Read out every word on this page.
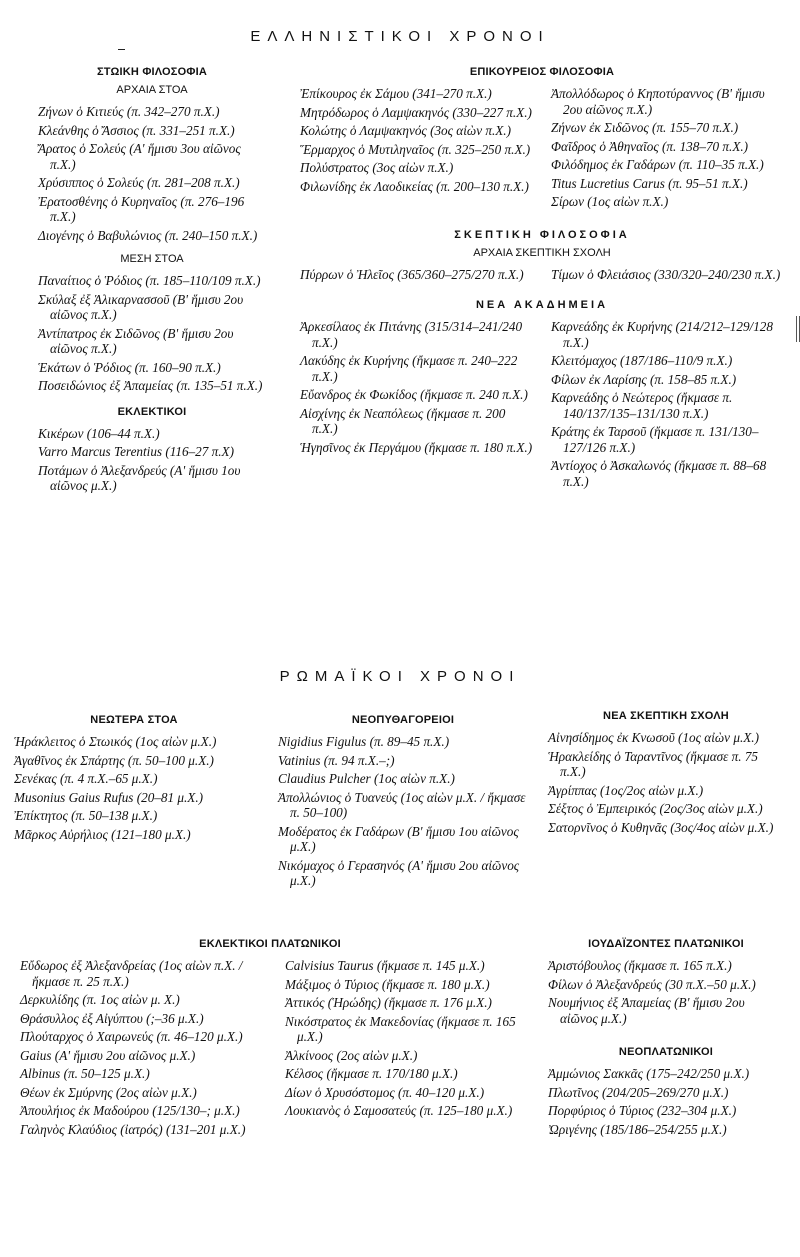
ΕΛΛΗΝΙΣΤΙΚΟΙ ΧΡΟΝΟΙ
ΣΤΩΙΚΗ ΦΙΛΟΣΟΦΙΑ
ΑΡΧΑΙΑ ΣΤΟΑ
Ζήνων ὁ Κιτιεύς (π. 342–270 π.Χ.)
Κλεάνθης ὁ Ἄσσιος (π. 331–251 π.Χ.)
Ἄρατος ὁ Σολεύς (Α' ἥμισυ 3ου αἰῶνος π.Χ.)
Χρύσιππος ὁ Σολεύς (π. 281–208 π.Χ.)
Ἐρατοσθένης ὁ Κυρηναῖος (π. 276–196 π.Χ.)
Διογένης ὁ Βαβυλώνιος (π. 240–150 π.Χ.)
ΜΕΣΗ ΣΤΟΑ
Παναίτιος ὁ Ῥόδιος (π. 185–110/109 π.Χ.)
Σκύλαξ ἐξ Ἁλικαρνασσοῦ (Β' ἥμισυ 2ου αἰῶνος π.Χ.)
Ἀντίπατρος ἐκ Σιδῶνος (Β' ἥμισυ 2ου αἰῶνος π.Χ.)
Ἑκάτων ὁ Ῥόδιος (π. 160–90 π.Χ.)
Ποσειδώνιος ἐξ Ἀπαμείας (π. 135–51 π.Χ.)
ΕΚΛΕΚΤΙΚΟΙ
Κικέρων (106–44 π.Χ.)
Varro Marcus Terentius (116–27 π.Χ)
Ποτάμων ὁ Ἀλεξανδρεύς (Α' ἥμισυ 1ου αἰῶνος μ.Χ.)
ΕΠΙΚΟΥΡΕΙΟΣ ΦΙΛΟΣΟΦΙΑ
Ἐπίκουρος ἐκ Σάμου (341–270 π.Χ.)
Μητρόδωρος ὁ Λαμψακηνός (330–227 π.Χ.)
Κολώτης ὁ Λαμψακηνός (3ος αἰὼν π.Χ.)
Ἕρμαρχος ὁ Μυτιληναῖος (π. 325–250 π.Χ.)
Πολύστρατος (3ος αἰὼν π.Χ.)
Φιλωνίδης ἐκ Λαοδικείας (π. 200–130 π.Χ.)
Ἀπολλόδωρος ὁ Κηποτύραννος (Β' ἥμισυ 2ου αἰῶνος π.Χ.)
Ζήνων ἐκ Σιδῶνος (π. 155–70 π.Χ.)
Φαῖδρος ὁ Ἀθηναῖος (π. 138–70 π.Χ.)
Φιλόδημος ἐκ Γαδάρων (π. 110–35 π.Χ.)
Titus Lucretius Carus (π. 95–51 π.Χ.)
Σίρων (1ος αἰὼν π.Χ.)
ΣΚΕΠΤΙΚΗ ΦΙΛΟΣΟΦΙΑ
ΑΡΧΑΙΑ ΣΚΕΠΤΙΚΗ ΣΧΟΛΗ
Πύρρων ὁ Ἠλεῖος (365/360–275/270 π.Χ.)	Τίμων ὁ Φλειάσιος (330/320–240/230 π.Χ.)
ΝΕΑ ΑΚΑΔΗΜΕΙΑ
Ἀρκεσίλαος ἐκ Πιτάνης (315/314–241/240 π.Χ.)
Λακύδης ἐκ Κυρήνης (ἤκμασε π. 240–222 π.Χ.)
Εὔανδρος ἐκ Φωκίδος (ἤκμασε π. 240 π.Χ.)
Αἰσχίνης ἐκ Νεαπόλεως (ἤκμασε π. 200 π.Χ.)
Ἡγησῖνος ἐκ Περγάμου (ἤκμασε π. 180 π.Χ.)
Καρνεάδης ἐκ Κυρήνης (214/212–129/128 π.Χ.)
Κλειτόμαχος (187/186–110/9 π.Χ.)
Φίλων ἐκ Λαρίσης (π. 158–85 π.Χ.)
Καρνεάδης ὁ Νεώτερος (ἤκμασε π. 140/137/135–131/130 π.Χ.)
Κράτης ἐκ Ταρσοῦ (ἤκμασε π. 131/130–127/126 π.Χ.)
Ἀντίοχος ὁ Ἀσκαλωνός (ἤκμασε π. 88–68 π.Χ.)
ΡΩΜΑΪΚΟΙ ΧΡΟΝΟΙ
ΝΕΩΤΕΡΑ ΣΤΟΑ
Ἡράκλειτος ὁ Στωικός (1ος αἰὼν μ.Χ.)
Ἀγαθῖνος ἐκ Σπάρτης (π. 50–100 μ.Χ.)
Σενέκας (π. 4 π.Χ.–65 μ.Χ.)
Musonius Gaius Rufus (20–81 μ.Χ.)
Ἐπίκτητος (π. 50–138 μ.Χ.)
Μᾶρκος Αὐρήλιος (121–180 μ.Χ.)
ΝΕΟΠΥΘΑΓΟΡΕΙΟΙ
Nigidius Figulus (π. 89–45 π.Χ.)
Vatinius (π. 94 π.Χ.–;)
Claudius Pulcher (1ος αἰὼν π.Χ.)
Ἀπολλώνιος ὁ Τυανεύς (1ος αἰὼν μ.Χ. / ἤκμασε π. 50–100)
Μοδέρατος ἐκ Γαδάρων (Β' ἥμισυ 1ου αἰῶνος μ.Χ.)
Νικόμαχος ὁ Γερασηνός (Α' ἥμισυ 2ου αἰῶνος μ.Χ.)
ΝΕΑ ΣΚΕΠΤΙΚΗ ΣΧΟΛΗ
Αἰνησίδημος ἐκ Κνωσοῦ (1ος αἰὼν μ.Χ.)
Ἡρακλείδης ὁ Ταραντῖνος (ἤκμασε π. 75 π.Χ.)
Ἀγρίππας (1ος/2ος αἰὼν μ.Χ.)
Σέξτος ὁ Ἐμπειρικός (2ος/3ος αἰὼν μ.Χ.)
Σατορνῖνος ὁ Κυθηνᾶς (3ος/4ος αἰὼν μ.Χ.)
ΕΚΛΕΚΤΙΚΟΙ ΠΛΑΤΩΝΙΚΟΙ
Εὔδωρος ἐξ Ἀλεξανδρείας (1ος αἰὼν π.Χ. / ἤκμασε π. 25 π.Χ.)
Δερκυλίδης (π. 1ος αἰὼν μ. Χ.)
Θράσυλλος ἐξ Αἰγύπτου (;–36 μ.Χ.)
Πλούταρχος ὁ Χαιρωνεύς (π. 46–120 μ.Χ.)
Gaius (Α' ἥμισυ 2ου αἰῶνος μ.Χ.)
Albinus (π. 50–125 μ.Χ.)
Θέων ἐκ Σμύρνης (2ος αἰὼν μ.Χ.)
Ἀπουλήιος ἐκ Μαδούρου (125/130–; μ.Χ.)
Γαληνὸς Κλαύδιος (ἰατρός) (131–201 μ.Χ.)
Calvisius Taurus (ἤκμασε π. 145 μ.Χ.)
Μάξιμος ὁ Τύριος (ἤκμασε π. 180 μ.Χ.)
Ἀττικός (Ἡρώδης) (ἤκμασε π. 176 μ.Χ.)
Νικόστρατος ἐκ Μακεδονίας (ἤκμασε π. 165 μ.Χ.)
Ἀλκίνοος (2ος αἰὼν μ.Χ.)
Κέλσος (ἤκμασε π. 170/180 μ.Χ.)
Δίων ὁ Χρυσόστομος (π. 40–120 μ.Χ.)
Λουκιανὸς ὁ Σαμοσατεύς (π. 125–180 μ.Χ.)
ΙΟΥΔΑΪΖΟΝΤΕΣ ΠΛΑΤΩΝΙΚΟΙ
Ἀριστόβουλος (ἤκμασε π. 165 π.Χ.)
Φίλων ὁ Ἀλεξανδρεύς (30 π.Χ.–50 μ.Χ.)
Νουμήνιος ἐξ Ἀπαμείας (Β' ἥμισυ 2ου αἰῶνος μ.Χ.)
ΝΕΟΠΛΑΤΩΝΙΚΟΙ
Ἀμμώνιος Σακκᾶς (175–242/250 μ.Χ.)
Πλωτῖνος (204/205–269/270 μ.Χ.)
Πορφύριος ὁ Τύριος (232–304 μ.Χ.)
Ὠριγένης (185/186–254/255 μ.Χ.)
